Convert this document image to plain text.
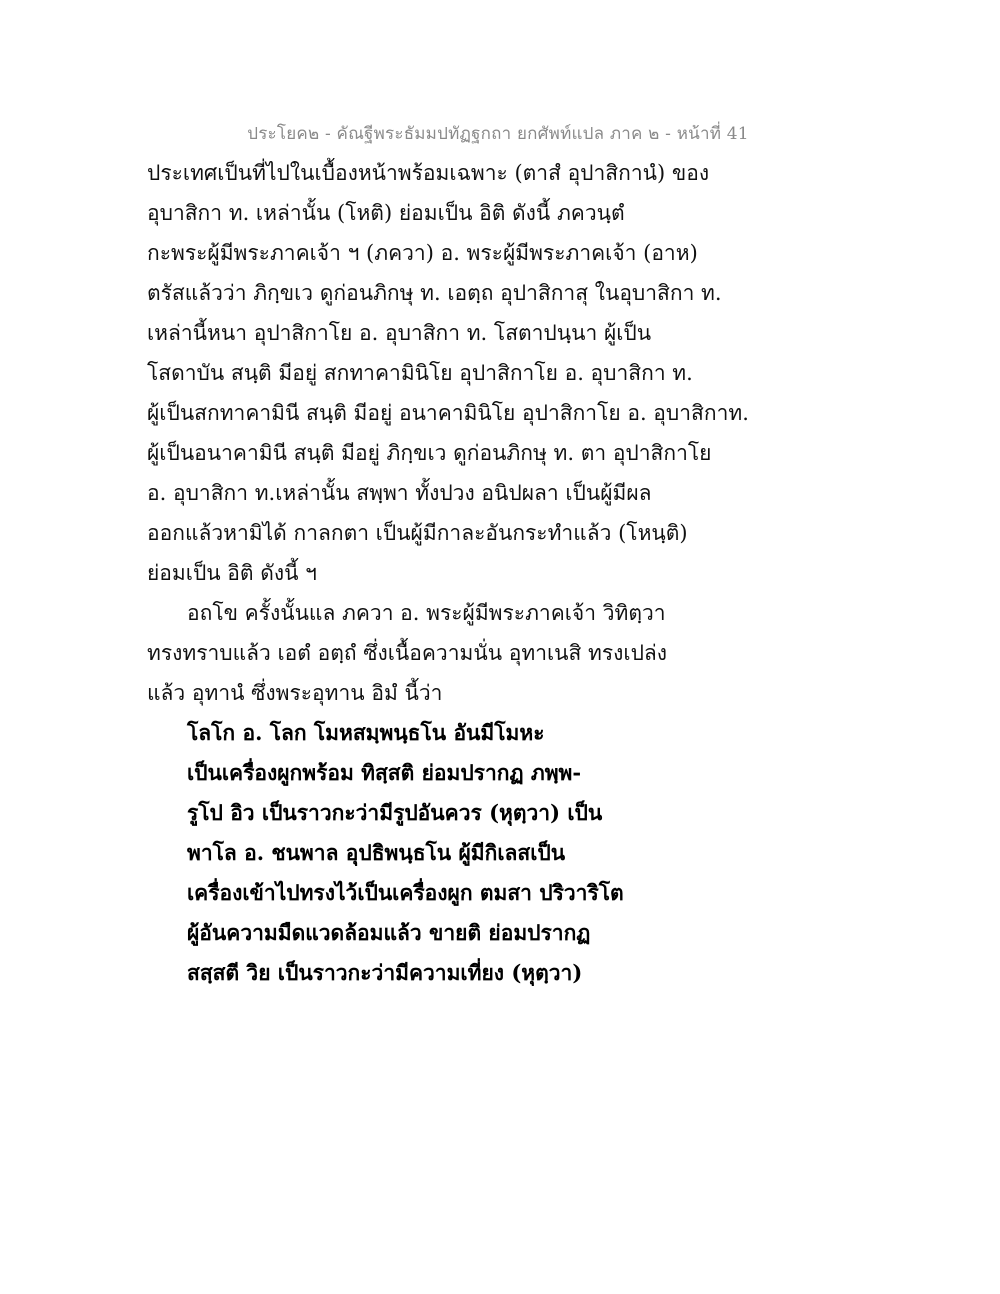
ประโยค๒ - คัณฐีพระธัมมปทัฏฐกถา ยกศัพท์แปล ภาค ๒ - หน้าที่ 41
ประเทศเป็นที่ไปในเบื้องหน้าพร้อมเฉพาะ (ตาสํ อุปาสิกานํ) ของ
อุบาสิกา ท. เหล่านั้น (โหติ) ย่อมเป็น อิติ ดังนี้ ภควนฺตํ
กะพระผู้มีพระภาคเจ้า ฯ (ภควา) อ. พระผู้มีพระภาคเจ้า (อาห)
ตรัสแล้วว่า ภิกฺขเว ดูก่อนภิกษุ ท. เอตฺถ อุปาสิกาสุ ในอุบาสิกา ท.
เหล่านี้หนา อุปาสิกาโย อ. อุบาสิกา ท. โสตาปนฺนา ผู้เป็น
โสดาบัน สนฺติ มีอยู่ สกทาคามินิโย อุปาสิกาโย อ. อุบาสิกา ท.
ผู้เป็นสกทาคามินี สนฺติ มีอยู่ อนาคามินิโย อุปาสิกาโย อ. อุบาสิกาท.
ผู้เป็นอนาคามินี สนฺติ มีอยู่ ภิกฺขเว ดูก่อนภิกษุ ท. ตา อุปาสิกาโย
อ. อุบาสิกา ท.เหล่านั้น สพฺพา ทั้งปวง อนิปผลา เป็นผู้มีผล
ออกแล้วหามิได้ กาลกตา เป็นผู้มีกาละอันกระทำแล้ว (โหนฺติ)
ย่อมเป็น อิติ ดังนี้ ฯ
อถโข ครั้งนั้นแล ภควา อ. พระผู้มีพระภาคเจ้า วิทิตฺวา
ทรงทราบแล้ว เอตํ อตฺถํ ซึ่งเนื้อความนั่น อุทาเนสิ ทรงเปล่ง
แล้ว อุทานํ ซึ่งพระอุทาน อิมํ นี้ว่า
โลโก อ. โลก โมหสมฺพนฺธโน อันมีโมหะ
เป็นเครื่องผูกพร้อม ทิสฺสติ ย่อมปรากฏ ภพฺพ-
รูโป อิว เป็นราวกะว่ามีรูปอันควร (หุตฺวา) เป็น
พาโล อ. ชนพาล อุปธิพนฺธโน ผู้มีกิเลสเป็น
เครื่องเข้าไปทรงไว้เป็นเครื่องผูก ตมสา ปริวาริโต
ผู้อันความมืดแวดล้อมแล้ว ขายติ ย่อมปรากฏ
สสฺสตี วิย เป็นราวกะว่ามีความเที่ยง (หุตฺวา)
